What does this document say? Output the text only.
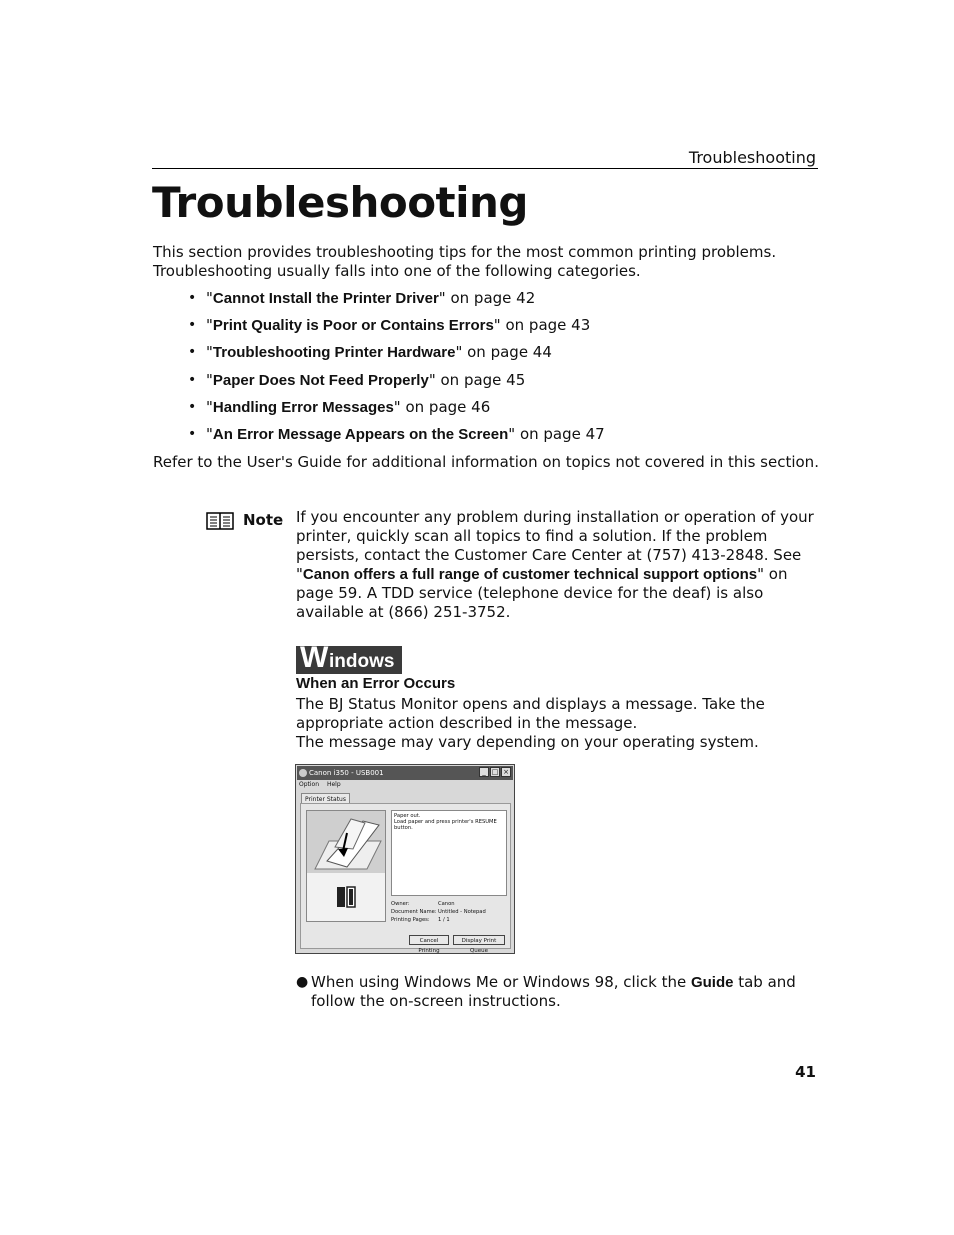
Troubleshooting
Troubleshooting
This section provides troubleshooting tips for the most common printing problems. Troubleshooting usually falls into one of the following categories.
• "Cannot Install the Printer Driver" on page 42
• "Print Quality is Poor or Contains Errors" on page 43
• "Troubleshooting Printer Hardware" on page 44
• "Paper Does Not Feed Properly" on page 45
• "Handling Error Messages" on page 46
• "An Error Message Appears on the Screen" on page 47
Refer to the User's Guide for additional information on topics not covered in this section.
Note If you encounter any problem during installation or operation of your printer, quickly scan all topics to find a solution. If the problem persists, contact the Customer Care Center at (757) 413-2848. See "Canon offers a full range of customer technical support options" on page 59. A TDD service (telephone device for the deaf) is also available at (866) 251-3752.
W indows
When an Error Occurs
The BJ Status Monitor opens and displays a message. Take the appropriate action described in the message.
The message may vary depending on your operating system.
Canon i350 - USB001	_ □ ×
Option Help
Printer Status
Paper out.
Load paper and press printer's RESUME button.
Owner:	Canon
Document Name:Untitled - Notepad
Printing Pages: 1 / 1
Cancel Printing
Display Print Queue
● When using Windows Me or Windows 98, click the Guide tab and follow the on-screen instructions.
41
